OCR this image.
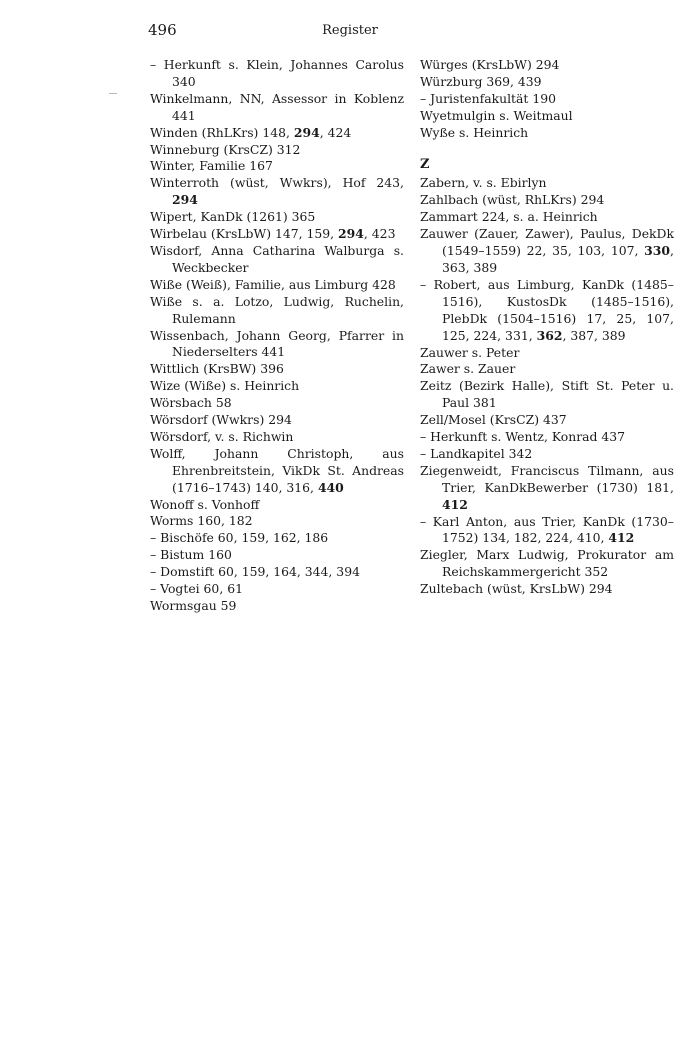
496	Register
– Herkunft s. Klein, Johannes Carolus 340
Winkelmann, NN, Assessor in Koblenz 441
Winden (RhLKrs) 148, 294, 424
Winneburg (KrsCZ) 312
Winter, Familie 167
Winterroth (wüst, Wwkrs), Hof 243, 294
Wipert, KanDk (1261) 365
Wirbelau (KrsLbW) 147, 159, 294, 423
Wisdorf, Anna Catharina Walburga s. Weckbecker
Wiße (Weiß), Familie, aus Limburg 428
Wiße s. a. Lotzo, Ludwig, Ruchelin, Rulemann
Wissenbach, Johann Georg, Pfarrer in Niederselters 441
Wittlich (KrsBW) 396
Wize (Wiße) s. Heinrich
Wörsbach 58
Wörsdorf (Wwkrs) 294
Wörsdorf, v. s. Richwin
Wolff, Johann Christoph, aus Ehrenbreitstein, VikDk St. Andreas (1716–1743) 140, 316, 440
Wonoff s. Vonhoff
Worms 160, 182
– Bischöfe 60, 159, 162, 186
– Bistum 160
– Domstift 60, 159, 164, 344, 394
– Vogtei 60, 61
Wormsgau 59
Würges (KrsLbW) 294
Würzburg 369, 439
– Juristenfakultät 190
Wyetmulgin s. Weitmaul
Wyße s. Heinrich
Z
Zabern, v. s. Ebirlyn
Zahlbach (wüst, RhLKrs) 294
Zammart 224, s. a. Heinrich
Zauwer (Zauer, Zawer), Paulus, DekDk (1549–1559) 22, 35, 103, 107, 330, 363, 389
– Robert, aus Limburg, KanDk (1485–1516), KustosDk (1485–1516), PlebDk (1504–1516) 17, 25, 107, 125, 224, 331, 362, 387, 389
Zauwer s. Peter
Zawer s. Zauer
Zeitz (Bezirk Halle), Stift St. Peter u. Paul 381
Zell/Mosel (KrsCZ) 437
– Herkunft s. Wentz, Konrad 437
– Landkapitel 342
Ziegenweidt, Franciscus Tilmann, aus Trier, KanDkBewerber (1730) 181, 412
– Karl Anton, aus Trier, KanDk (1730–1752) 134, 182, 224, 410, 412
Ziegler, Marx Ludwig, Prokurator am Reichskammergericht 352
Zultebach (wüst, KrsLbW) 294
